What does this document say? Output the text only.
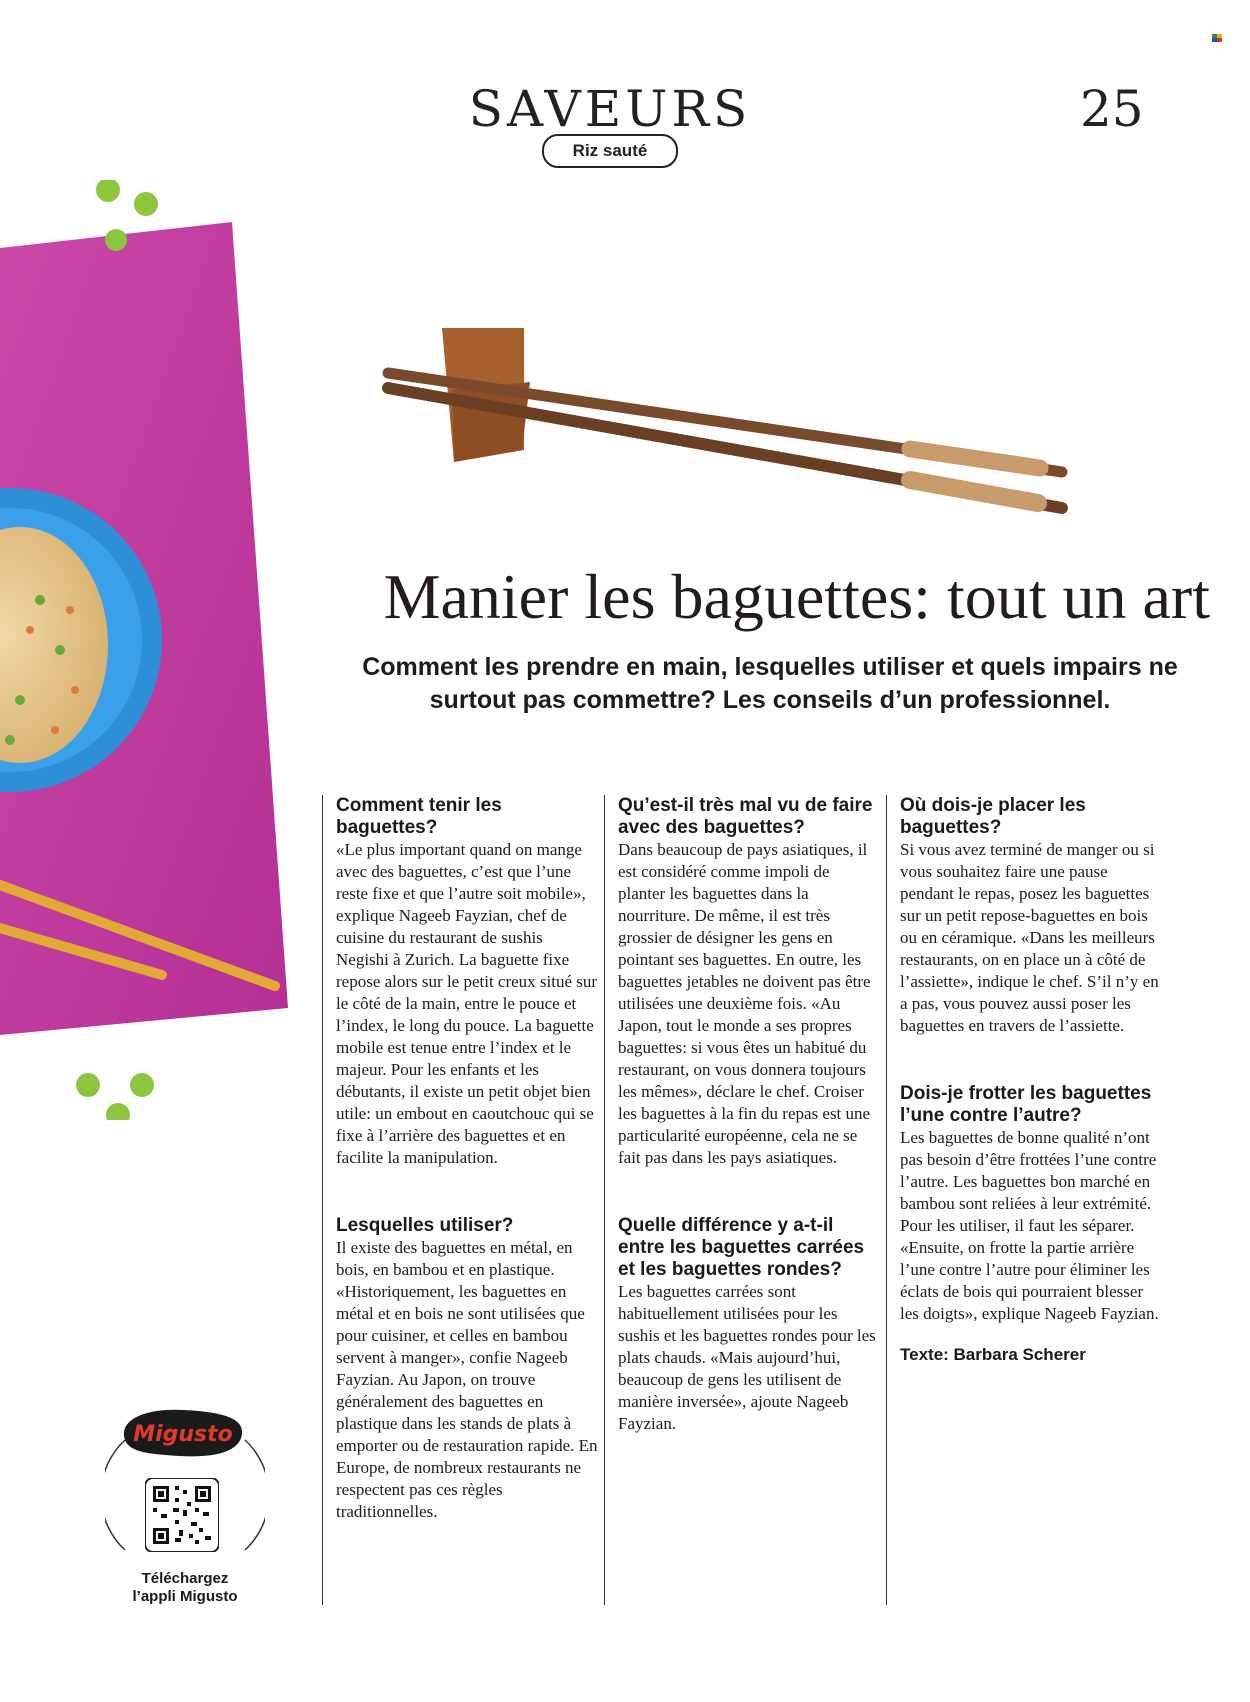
SAVEURS
Riz sauté
25
Manier les baguettes: tout un art
Comment les prendre en main, lesquelles utiliser et quels impairs ne surtout pas commettre? Les conseils d’un professionnel.
Comment tenir les baguettes?

«Le plus important quand on mange avec des baguettes, c’est que l’une reste fixe et que l’autre soit mobile», explique Nageeb Fayzian, chef de cuisine du restaurant de sushis Negishi à Zurich. La baguette fixe repose alors sur le petit creux situé sur le côté de la main, entre le pouce et l’index, le long du pouce. La baguette mobile est tenue entre l’index et le majeur. Pour les enfants et les débutants, il existe un petit objet bien utile: un embout en caoutchouc qui se fixe à l’arrière des baguettes et en facilite la manipulation.

Lesquelles utiliser?

Il existe des baguettes en métal, en bois, en bambou et en plastique. «Historiquement, les baguettes en métal et en bois ne sont utilisées que pour cuisiner, et celles en bambou servent à manger», confie Nageeb Fayzian. Au Japon, on trouve généralement des baguettes en plastique dans les stands de plats à emporter ou de restauration rapide. En Europe, de nombreux restaurants ne respectent pas ces règles traditionnelles.

Qu’est-il très mal vu de faire avec des baguettes?

Dans beaucoup de pays asiatiques, il est considéré comme impoli de planter les baguettes dans la nourriture. De même, il est très grossier de désigner les gens en pointant ses baguettes. En outre, les baguettes jetables ne doivent pas être utilisées une deuxième fois. «Au Japon, tout le monde a ses propres baguettes: si vous êtes un habitué du restaurant, on vous donnera toujours les mêmes», déclare le chef. Croiser les baguettes à la fin du repas est une particularité européenne, cela ne se fait pas dans les pays asiatiques.

Quelle différence y a-t-il entre les baguettes carrées et les baguettes rondes?

Les baguettes carrées sont habituellement utilisées pour les sushis et les baguettes rondes pour les plats chauds. «Mais aujourd’hui, beaucoup de gens les utilisent de manière inversée», ajoute Nageeb Fayzian.

Où dois-je placer les baguettes?

Si vous avez terminé de manger ou si vous souhaitez faire une pause pendant le repas, posez les baguettes sur un petit repose-baguettes en bois ou en céramique. «Dans les meilleurs restaurants, on en place un à côté de l’assiette», indique le chef. S’il n’y en a pas, vous pouvez aussi poser les baguettes en travers de l’assiette.

Dois-je frotter les baguettes l’une contre l’autre?

Les baguettes de bonne qualité n’ont pas besoin d’être frottées l’une contre l’autre. Les baguettes bon marché en bambou sont reliées à leur extrémité. Pour les utiliser, il faut les séparer. «Ensuite, on frotte la partie arrière l’une contre l’autre pour éliminer les éclats de bois qui pourraient blesser les doigts», explique Nageeb Fayzian.

Texte: Barbara Scherer

Migusto
Téléchargez
l’appli Migusto
